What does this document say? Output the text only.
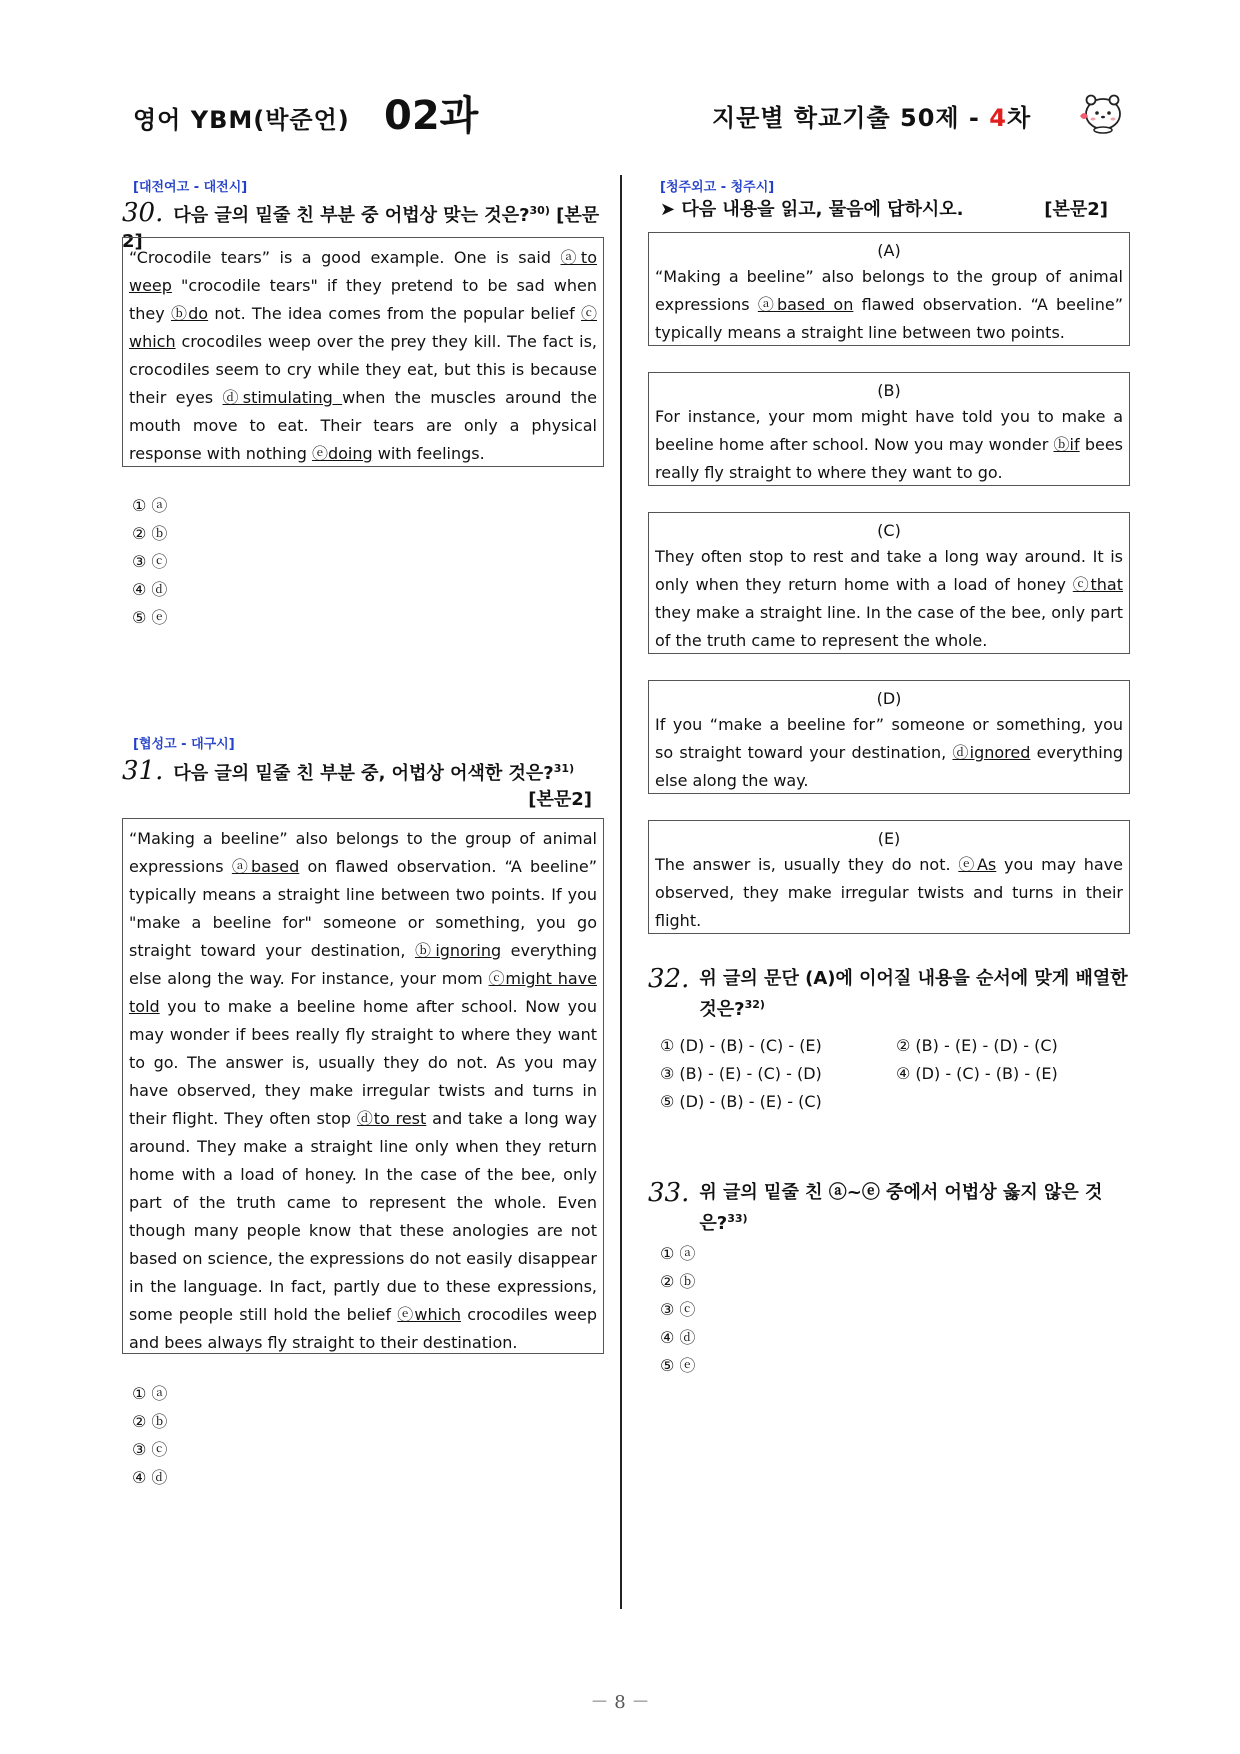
영어 YBM(박준언) 02과	지문별 학교기출 50제 - 4차
[대전여고 - 대전시]
30. 다음 글의 밑줄 친 부분 중 어법상 맞는 것은?$^{30)}$ [본문2]
“Crocodile tears” is a good example. One is said ⓐto weep "crocodile tears" if they pretend to be sad when they ⓑdo not. The idea comes from the popular belief ⓒ which crocodiles weep over the prey they kill. The fact is, crocodiles seem to cry while they eat, but this is because their eyes ⓓstimulating when the muscles around the mouth move to eat. Their tears are only a physical response with nothing ⓔdoing with feelings.
① ⓐ
② ⓑ
③ ⓒ
④ ⓓ
⑤ ⓔ
[협성고 - 대구시]
31. 다음 글의 밑줄 친 부분 중, 어법상 어색한 것은?$^{31)}$
[본문2]
“Making a beeline” also belongs to the group of animal expressions ⓐbased on flawed observation. “A beeline” typically means a straight line between two points. If you "make a beeline for" someone or something, you go straight toward your destination, ⓑignoring everything else along the way. For instance, your mom ⓒmight have told you to make a beeline home after school. Now you may wonder if bees really fly straight to where they want to go. The answer is, usually they do not. As you may have observed, they make irregular twists and turns in their flight. They often stop ⓓto rest and take a long way around. They make a straight line only when they return home with a load of honey. In the case of the bee, only part of the truth came to represent the whole. Even though many people know that these anologies are not based on science, the expressions do not easily disappear in the language. In fact, partly due to these expressions, some people still hold the belief ⓔwhich crocodiles weep and bees always fly straight to their destination.
① ⓐ
② ⓑ
③ ⓒ
④ ⓓ
[청주외고 - 청주시]
➤ 다음 내용을 읽고, 물음에 답하시오.	[본문2]
(A)
“Making a beeline” also belongs to the group of animal expressions ⓐbased on flawed observation. “A beeline” typically means a straight line between two points.
(B)
For instance, your mom might have told you to make a beeline home after school. Now you may wonder ⓑif bees really fly straight to where they want to go.
(C)
They often stop to rest and take a long way around. It is only when they return home with a load of honey ⓒthat they make a straight line. In the case of the bee, only part of the truth came to represent the whole.
(D)
If you “make a beeline for” someone or something, you so straight toward your destination, ⓓignored everything else along the way.
(E)
The answer is, usually they do not. ⓔAs you may have observed, they make irregular twists and turns in their flight.
32. 위 글의 문단 (A)에 이어질 내용을 순서에 맞게 배열한 것은?$^{32)}$
① (D) - (B) - (C) - (E)	② (B) - (E) - (D) - (C)
③ (B) - (E) - (C) - (D)	④ (D) - (C) - (B) - (E)
⑤ (D) - (B) - (E) - (C)
33. 위 글의 밑줄 친 ⓐ~ⓔ 중에서 어법상 옳지 않은 것은?$^{33)}$
① ⓐ
② ⓑ
③ ⓒ
④ ⓓ
⑤ ⓔ
－ 8 －
